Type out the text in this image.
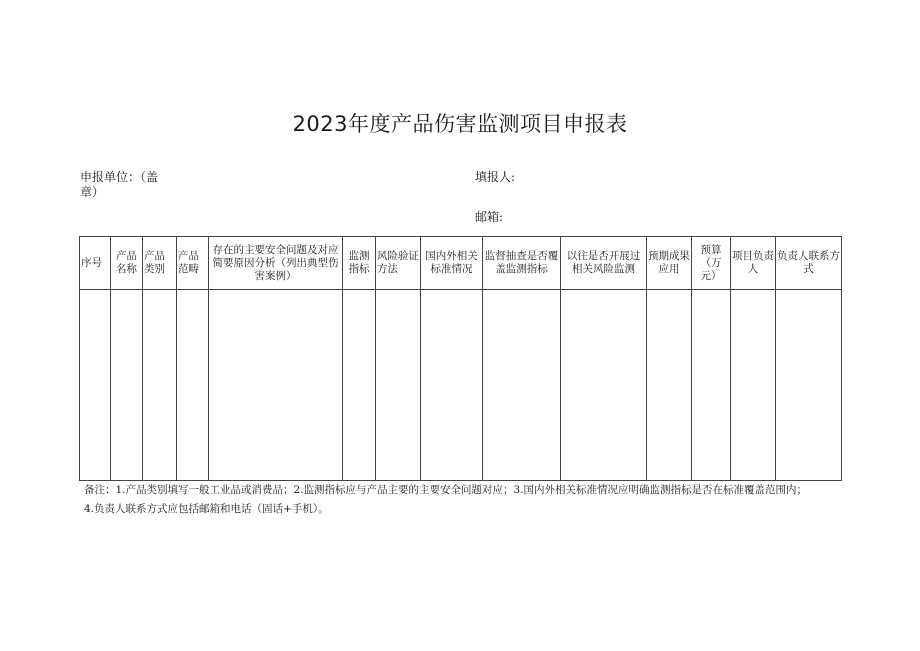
2023年度产品伤害监测项目申报表
申报单位：（盖
章）
填报人:
邮箱:
序号	产品名称	产品类别	产品范畴	存在的主要安全问题及对应简要原因分析（列出典型伤害案例）	监测指标	风险验证方法	国内外相关标准情况	监督抽查是否覆盖监测指标	以往是否开展过相关风险监测	预期成果应用	预算（万元）	项目负责人	负责人联系方式

备注：1.产品类别填写一般工业品或消费品；2.监测指标应与产品主要的主要安全问题对应；3.国内外相关标准情况应明确监测指标是否在标准覆盖范围内；
4.负责人联系方式应包括邮箱和电话（固话+手机）。
